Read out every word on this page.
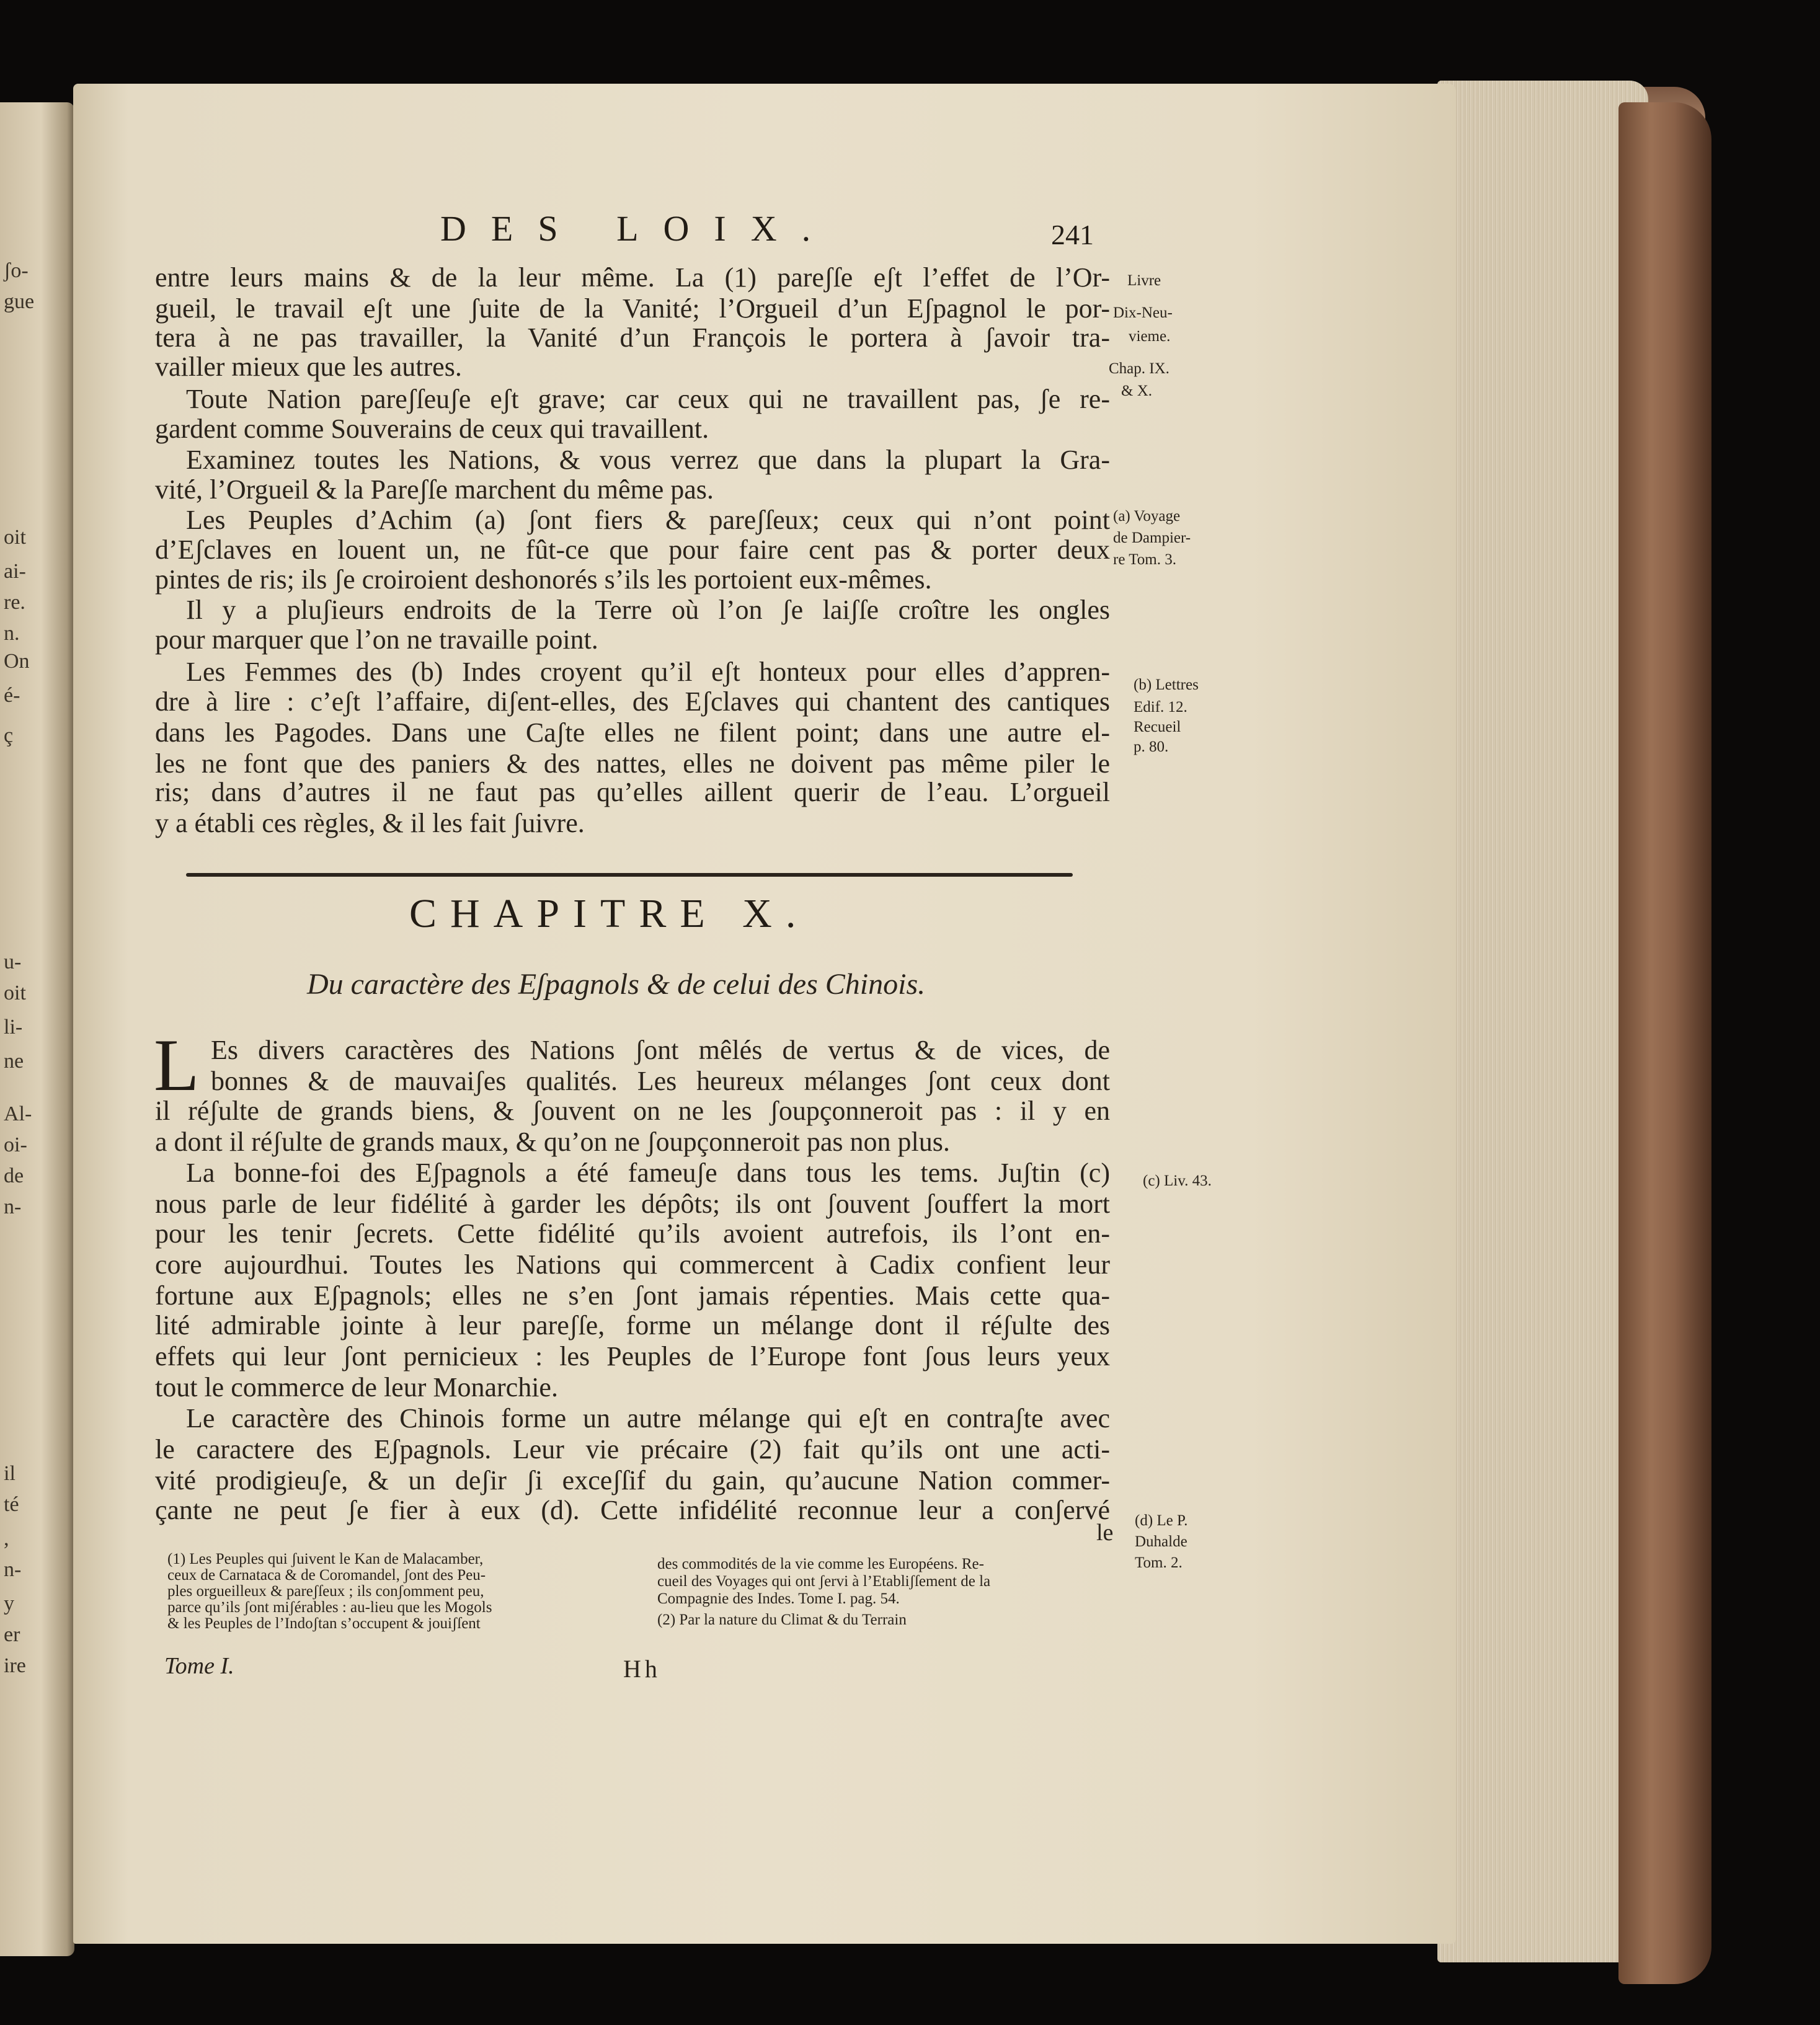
ʃo-
gue
oit
ai-
re.
n.
On
é-
ç
u-
oit
li-
ne
Al-
oi-
de
n-
il
té
,
n-
y
er
ire
DES LOIX.	241
Livre
Dix-Neu-
vieme.
Chap. IX.
& X.
(a) Voyage
de Dampier-
re Tom. 3.
(b) Lettres
Edif. 12.
Recueil
p. 80.
(c) Liv. 43.
(d) Le P.
Duhalde
Tom. 2.
entre leurs mains & de la leur même. La (1) pareʃſe eʃt l’effet de l’Or-
gueil, le travail eʃt une ʃuite de la Vanité; l’Orgueil d’un Eʃpagnol le por-
tera à ne pas travailler, la Vanité d’un François le portera à ʃavoir tra-
vailler mieux que les autres.
Toute Nation pareʃſeuʃe eʃt grave; car ceux qui ne travaillent pas, ʃe re-
gardent comme Souverains de ceux qui travaillent.
Examinez toutes les Nations, & vous verrez que dans la plupart la Gra-
vité, l’Orgueil & la Pareʃſe marchent du même pas.
Les Peuples d’Achim (a) ʃont fiers & pareʃſeux; ceux qui n’ont point
d’Eʃclaves en louent un, ne fût-ce que pour faire cent pas & porter deux
pintes de ris; ils ʃe croiroient deshonorés s’ils les portoient eux-mêmes.
Il y a pluʃieurs endroits de la Terre où l’on ʃe laiʃſe croître les ongles
pour marquer que l’on ne travaille point.
Les Femmes des (b) Indes croyent qu’il eʃt honteux pour elles d’appren-
dre à lire : c’eʃt l’affaire, diʃent-elles, des Eʃclaves qui chantent des cantiques
dans les Pagodes. Dans une Caʃte elles ne filent point; dans une autre el-
les ne font que des paniers & des nattes, elles ne doivent pas même piler le
ris; dans d’autres il ne faut pas qu’elles aillent querir de l’eau. L’orgueil
y a établi ces règles, & il les fait ʃuivre.
CHAPITRE X.
Du caractère des Eʃpagnols & de celui des Chinois.
L Es divers caractères des Nations ʃont mêlés de vertus & de vices, de
bonnes & de mauvaiʃes qualités. Les heureux mélanges ʃont ceux dont
il réʃulte de grands biens, & ʃouvent on ne les ʃoupçonneroit pas : il y en
a dont il réʃulte de grands maux, & qu’on ne ʃoupçonneroit pas non plus.
La bonne-foi des Eʃpagnols a été fameuʃe dans tous les tems. Juʃtin (c)
nous parle de leur fidélité à garder les dépôts; ils ont ʃouvent ʃouffert la mort
pour les tenir ʃecrets. Cette fidélité qu’ils avoient autrefois, ils l’ont en-
core aujourdhui. Toutes les Nations qui commercent à Cadix confient leur
fortune aux Eʃpagnols; elles ne s’en ʃont jamais répenties. Mais cette qua-
lité admirable jointe à leur pareʃſe, forme un mélange dont il réʃulte des
effets qui leur ʃont pernicieux : les Peuples de l’Europe font ʃous leurs yeux
tout le commerce de leur Monarchie.
Le caractère des Chinois forme un autre mélange qui eʃt en contraʃte avec
le caractere des Eʃpagnols. Leur vie précaire (2) fait qu’ils ont une acti-
vité prodigieuʃe, & un deʃir ʃi exceʃſif du gain, qu’aucune Nation commer-
çante ne peut ʃe fier à eux (d). Cette infidélité reconnue leur a conʃervé
le
(1) Les Peuples qui ʃuivent le Kan de Malacamber,
ceux de Carnataca & de Coromandel, ʃont des Peu-
ples orgueilleux & pareʃſeux ; ils conʃomment peu,
parce qu’ils ʃont miʃérables : au-lieu que les Mogols
& les Peuples de l’Indoʃtan s’occupent & jouiʃſent
des commodités de la vie comme les Européens. Re-
cueil des Voyages qui ont ʃervi à l’Etabliʃſement de la
Compagnie des Indes. Tome I. pag. 54.
(2) Par la nature du Climat & du Terrain
Tome I.	Hh
